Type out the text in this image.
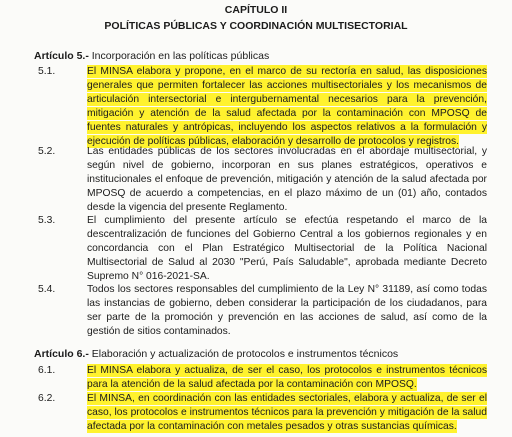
CAPÍTULO II
POLÍTICAS PÚBLICAS Y COORDINACIÓN MULTISECTORIAL
Artículo 5.- Incorporación en las políticas públicas
5.1.	El MINSA elabora y propone, en el marco de su rectoría en salud, las disposiciones generales que permiten fortalecer las acciones multisectoriales y los mecanismos de articulación intersectorial e intergubernamental necesarios para la prevención, mitigación y atención de la salud afectada por la contaminación con MPOSQ de fuentes naturales y antrópicas, incluyendo los aspectos relativos a la formulación y ejecución de políticas públicas, elaboración y desarrollo de protocolos y registros.
5.2.	Las entidades públicas de los sectores involucradas en el abordaje multisectorial, y según nivel de gobierno, incorporan en sus planes estratégicos, operativos e institucionales el enfoque de prevención, mitigación y atención de la salud afectada por MPOSQ de acuerdo a competencias, en el plazo máximo de un (01) año, contados desde la vigencia del presente Reglamento.
5.3.	El cumplimiento del presente artículo se efectúa respetando el marco de la descentralización de funciones del Gobierno Central a los gobiernos regionales y en concordancia con el Plan Estratégico Multisectorial de la Política Nacional Multisectorial de Salud al 2030 "Perú, País Saludable", aprobada mediante Decreto Supremo N° 016-2021-SA.
5.4.	Todos los sectores responsables del cumplimiento de la Ley N° 31189, así como todas las instancias de gobierno, deben considerar la participación de los ciudadanos, para ser parte de la promoción y prevención en las acciones de salud, así como de la gestión de sitios contaminados.
Artículo 6.- Elaboración y actualización de protocolos e instrumentos técnicos
6.1.	El MINSA elabora y actualiza, de ser el caso, los protocolos e instrumentos técnicos para la atención de la salud afectada por la contaminación con MPOSQ.
6.2.	El MINSA, en coordinación con las entidades sectoriales, elabora y actualiza, de ser el caso, los protocolos e instrumentos técnicos para la prevención y mitigación de la salud afectada por la contaminación con metales pesados y otras sustancias químicas.
